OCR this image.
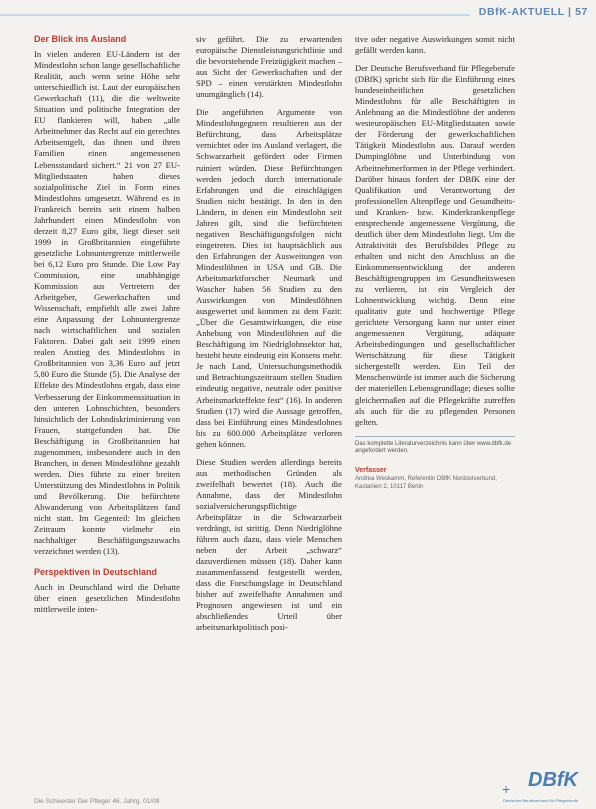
DBfK-AKTUELL | 57
Der Blick ins Ausland

In vielen anderen EU-Ländern ist der Mindestlohn schon lange gesellschaftliche Realität, auch wenn seine Höhe sehr unterschiedlich ist. Laut der europäischen Gewerkschaft (11), die die weltweite Situation und politische Integration der EU flankieren will, haben „alle Arbeitnehmer das Recht auf ein gerechtes Arbeitsentgelt, das ihnen und ihren Familien einen angemessenen Lebensstandard sichert.“ 21 von 27 EU-Mitgliedstaaten haben dieses sozialpolitische Ziel in Form eines Mindestlohns umgesetzt. Während es in Frankreich bereits seit einem halben Jahrhundert einen Mindestlohn von derzeit 8,27 Euro gibt, liegt dieser seit 1999 in Großbritannien eingeführte gesetzliche Lohnuntergrenze mittlerweile bei 6,12 Euro pro Stunde. Die Low Pay Commission, eine unabhängige Kommission aus Vertretern der Arbeitgeber, Gewerkschaften und Wissenschaft, empfiehlt alle zwei Jahre eine Anpassung der Lohnuntergrenze nach wirtschaftlichen und sozialen Faktoren. Dabei galt seit 1999 einen realen Anstieg des Mindestlohns in Großbritannien von 3,36 Euro auf jetzt 5,80 Euro die Stunde (5). Die Analyse der Effekte des Mindestlohns ergab, dass eine Verbesserung der Einkommenssituation in den unteren Lohnschichten, besonders hinsichtlich der Lohndiskriminierung von Frauen, stattgefunden hat. Die Beschäftigung in Großbritannien hat zugenommen, insbesondere auch in den Branchen, in denen Mindestlöhne gezahlt werden. Dies führte zu einer breiten Unterstützung des Mindestlohns in Politik und Bevölkerung. Die befürchtete Abwanderung von Arbeitsplätzen fand nicht statt. Im Gegenteil: Im gleichen Zeitraum konnte vielmehr ein nachhaltiger Beschäftigungszuwachs verzeichnet werden (13).

Perspektiven in Deutschland

Auch in Deutschland wird die Debatte über einen gesetzlichen Mindestlohn mittlerweile inten-

siv geführt. Die zu erwartenden europäische Dienstleistungsrichtlinie und die bevorstehende Freizügigkeit machen – aus Sicht der Gewerkschaften und der SPD – einen verstärkten Mindestlohn unumgänglich (14).

Die angeführten Argumente von Mindestlohngegnern resultieren aus der Befürchtung, dass Arbeitsplätze vernichtet oder ins Ausland verlagert, die Schwarzarbeit gefördert oder Firmen ruiniert würden. Diese Befürchtungen werden jedoch durch internationale Erfahrungen und die einschlägigen Studien nicht bestätigt. In den in den Ländern, in denen ein Mindestlohn seit Jahren gilt, sind die befürchteten negativen Beschäftigungsfolgen nicht eingetreten. Dies ist hauptsächlich aus den Erfahrungen der Ausweitungen von Mindestlöhnen in USA und GB. Die Arbeitsmarktforscher Neumark und Wascher haben 56 Studien zu den Auswirkungen von Mindestlöhnen ausgewertet und kommen zu dem Fazit: „Über die Gesamtwirkungen, die eine Anhebung von Mindestlöhnen auf die Beschäftigung im Niedriglohnsektor hat, besteht heute eindeutig ein Konsens mehr. Je nach Land, Untersuchungsmethodik und Betrachtungszeitraum stellen Studien eindeutig negative, neutrale oder positive Arbeitsmarkteffekte fest“ (16). In anderen Studien (17) wird die Aussage getroffen, dass bei Einführung eines Mindestlohnes bis zu 600.000 Arbeitsplätze verloren gehen können.

Diese Studien werden allerdings bereits aus methodischen Gründen als zweifelhaft bewertet (18). Auch die Annahme, dass der Mindestlohn sozialversicherungspflichtige Arbeitsplätze in die Schwarzarbeit verdrängt, ist strittig. Denn Niedriglöhne führen auch dazu, dass viele Menschen neben der Arbeit „schwarz“ dazuverdienen müssen (18). Daher kann zusammenfassend festgestellt werden, dass die Forschungslage in Deutschland bisher auf zweifelhafte Annahmen und Prognosen angewiesen ist und ein abschließendes Urteil über arbeitsmarktpolitisch posi-

tive oder negative Auswirkungen somit nicht gefällt werden kann.

Der Deutsche Berufsverband für Pflegeberufe (DBfK) spricht sich für die Einführung eines bundeseinheitlichen gesetzlichen Mindestlohns für alle Beschäftigten in Anlehnung an die Mindestlöhne der anderen westeuropäischen EU-Mitgliedstaaten sowie der Förderung der gewerkschaftlichen Tätigkeit Mindestlohn aus. Darauf werden Dumpinglöhne und Unterbindung von Arbeitnehmerformen in der Pflege verhindert. Darüber hinaus fordert der DBfK eine der Qualifikation und Verantwortung der professionellen Altenpflege und Gesundheits- und Kranken- bzw. Kinderkrankenpflege entsprechende angemessene Vergütung, die deutlich über dem Mindestlohn liegt. Um die Attraktivität des Berufsbildes Pflege zu erhalten und nicht den Anschluss an die Einkommensentwicklung der anderen Beschäftigtengruppen im Gesundheitswesen zu verlieren, ist ein Vergleich der Lohnentwicklung wichtig. Denn eine qualitativ gute und hochwertige Pflege gerichtete Versorgung kann nur unter einer angemessenen Vergütung, adäquate Arbeitsbedingungen und gesellschaftlicher Wertschätzung für diese Tätigkeit sichergestellt werden. Ein Teil der Menschenwürde ist immer auch die Sicherung der materiellen Lebensgrundlage; dieses sollte gleichermaßen auf die Pflegekräfte zutreffen als auch für die zu pflegenden Personen gelten.

Das komplette Literaturverzeichnis kann über www.dbfk.de angefordert werden.
Verfasser
Andrea Weskamm, Referentin DBfK Nordostverbund, Kastanien 2, 10117 Berlin
Die Schwester Der Pfleger 46. Jahrg. 01/09
+ DBfK
Deutscher Berufsverband für Pflegeberufe
